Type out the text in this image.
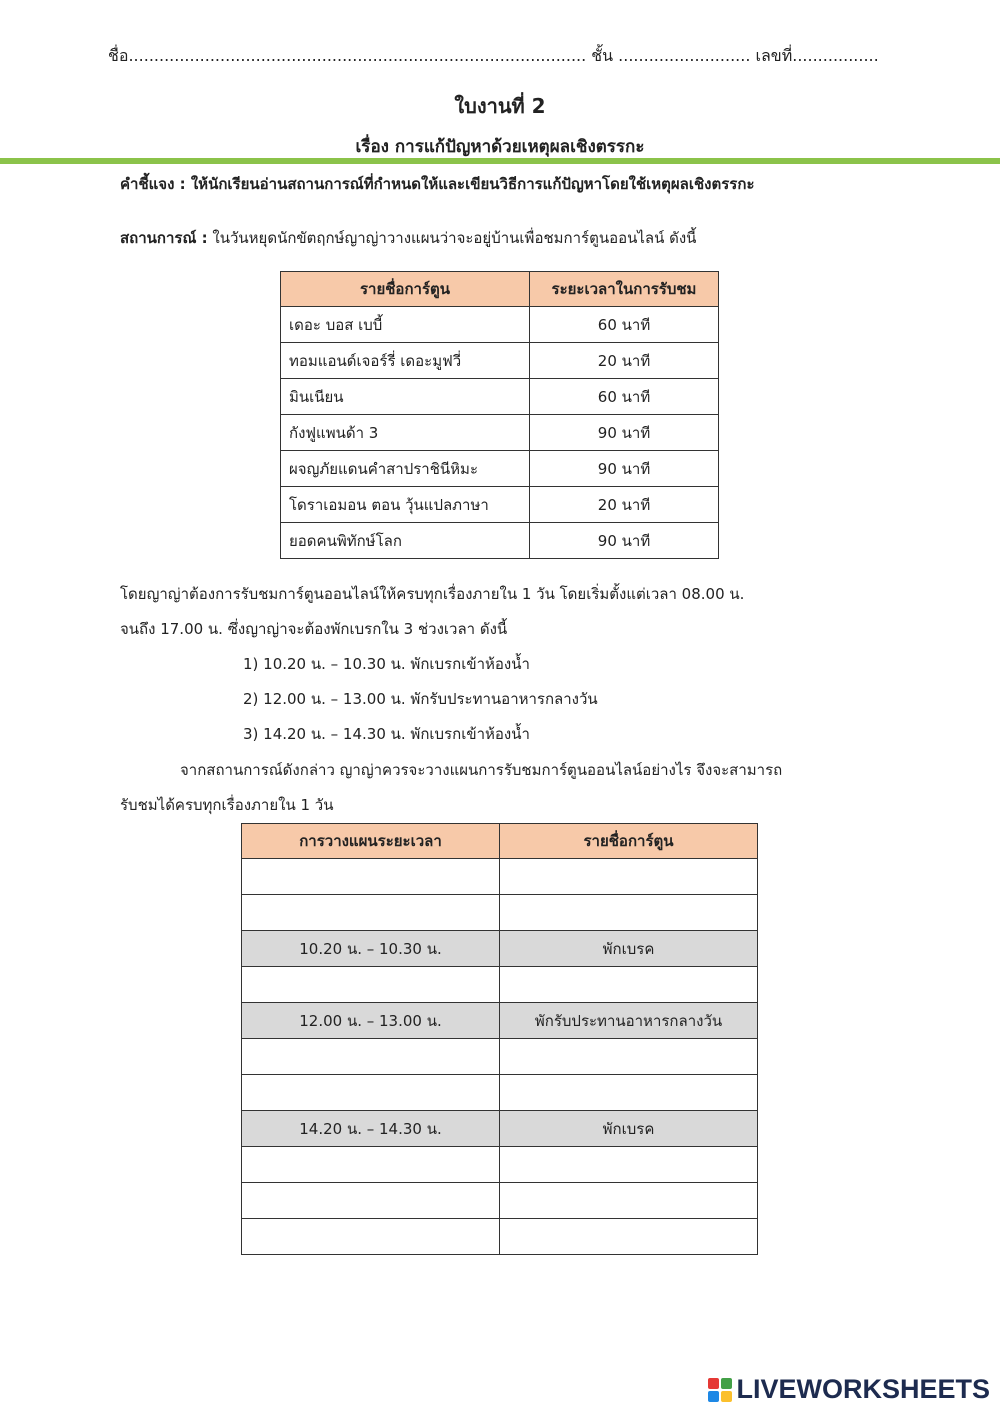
ชื่อ.......................................................................................... ชั้น .......................... เลขที่.................
ใบงานที่ 2
เรื่อง การแก้ปัญหาด้วยเหตุผลเชิงตรรกะ
คำชี้แจง : ให้นักเรียนอ่านสถานการณ์ที่กำหนดให้และเขียนวิธีการแก้ปัญหาโดยใช้เหตุผลเชิงตรรกะ
สถานการณ์ : ในวันหยุดนักขัตฤกษ์ญาญ่าวางแผนว่าจะอยู่บ้านเพื่อชมการ์ตูนออนไลน์ ดังนี้
รายชื่อการ์ตูน	ระยะเวลาในการรับชม
เดอะ บอส เบบี้	60 นาที
ทอมแอนด์เจอร์รี่ เดอะมูฟวี่	20 นาที
มินเนียน	60 นาที
กังฟูแพนด้า 3	90 นาที
ผจญภัยแดนคำสาปราชินีหิมะ	90 นาที
โดราเอมอน ตอน วุ้นแปลภาษา	20 นาที
ยอดคนพิทักษ์โลก	90 นาที
โดยญาญ่าต้องการรับชมการ์ตูนออนไลน์ให้ครบทุกเรื่องภายใน 1 วัน โดยเริ่มตั้งแต่เวลา 08.00 น.
จนถึง 17.00 น. ซึ่งญาญ่าจะต้องพักเบรกใน 3 ช่วงเวลา ดังนี้
1) 10.20 น. – 10.30 น. พักเบรกเข้าห้องน้ำ
2) 12.00 น. – 13.00 น. พักรับประทานอาหารกลางวัน
3) 14.20 น. – 14.30 น. พักเบรกเข้าห้องน้ำ
จากสถานการณ์ดังกล่าว ญาญ่าควรจะวางแผนการรับชมการ์ตูนออนไลน์อย่างไร จึงจะสามารถ
รับชมได้ครบทุกเรื่องภายใน 1 วัน
การวางแผนระยะเวลา	รายชื่อการ์ตูน

10.20 น. – 10.30 น.	พักเบรค

12.00 น. – 13.00 น.	พักรับประทานอาหารกลางวัน

14.20 น. – 14.30 น.	พักเบรค

LIVEWORKSHEETS
